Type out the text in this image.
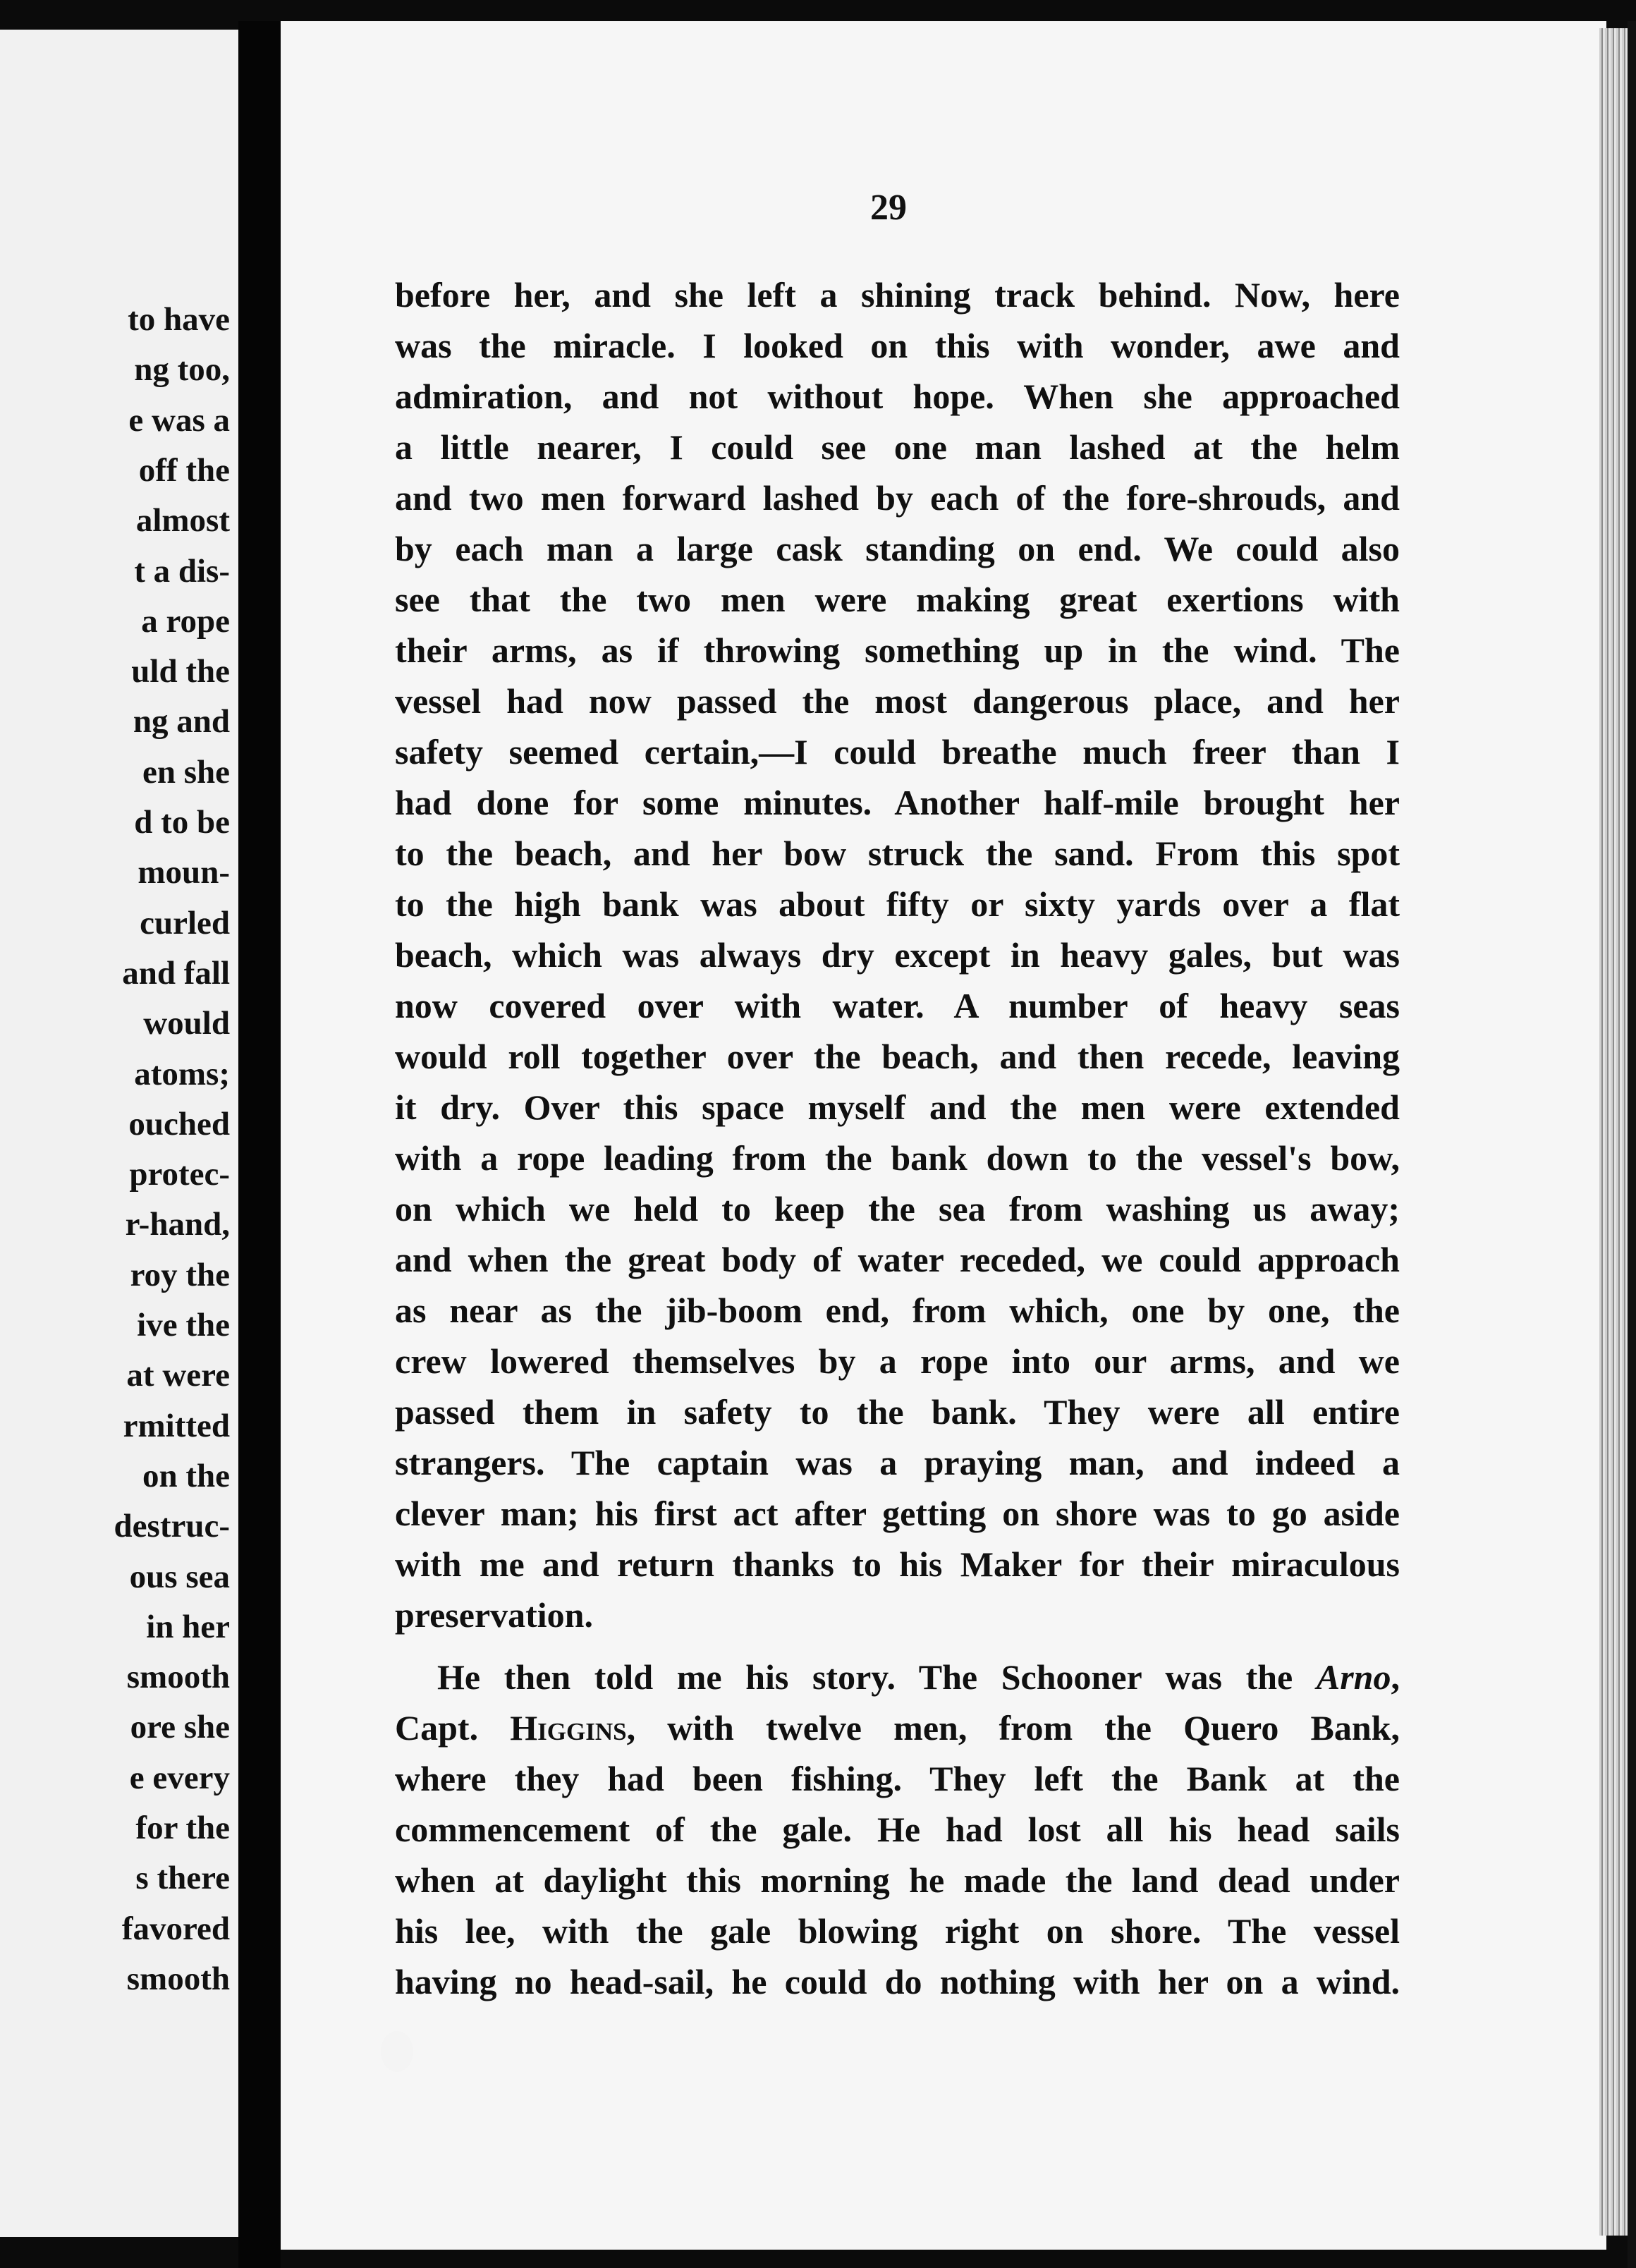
to have
ng too,
e was a
off the
almost
t a dis-
a rope
uld the
ng and
en she
d to be
moun-
curled
and fall
would
atoms;
ouched
protec-
r-hand,
roy the
ive the
at were
rmitted
on the
destruc-
ous sea
in her
smooth
ore she
e every
for the
s there
favored
smooth
29
before her, and she left a shining track behind. Now, here
was the miracle. I looked on this with wonder, awe and
admiration, and not without hope. When she approached
a little nearer, I could see one man lashed at the helm
and two men forward lashed by each of the fore-shrouds, and
by each man a large cask standing on end. We could also
see that the two men were making great exertions with
their arms, as if throwing something up in the wind. The
vessel had now passed the most dangerous place, and her
safety seemed certain,—I could breathe much freer than I
had done for some minutes. Another half-mile brought her
to the beach, and her bow struck the sand. From this spot
to the high bank was about fifty or sixty yards over a flat
beach, which was always dry except in heavy gales, but was
now covered over with water. A number of heavy seas
would roll together over the beach, and then recede, leaving
it dry. Over this space myself and the men were extended
with a rope leading from the bank down to the vessel's bow,
on which we held to keep the sea from washing us away;
and when the great body of water receded, we could approach
as near as the jib-boom end, from which, one by one, the
crew lowered themselves by a rope into our arms, and we
passed them in safety to the bank. They were all entire
strangers. The captain was a praying man, and indeed a
clever man; his first act after getting on shore was to go aside
with me and return thanks to his Maker for their miraculous
preservation.
He then told me his story. The Schooner was the Arno,
Capt. Higgins, with twelve men, from the Quero Bank,
where they had been fishing. They left the Bank at the
commencement of the gale. He had lost all his head sails
when at daylight this morning he made the land dead under
his lee, with the gale blowing right on shore. The vessel
having no head-sail, he could do nothing with her on a wind.
